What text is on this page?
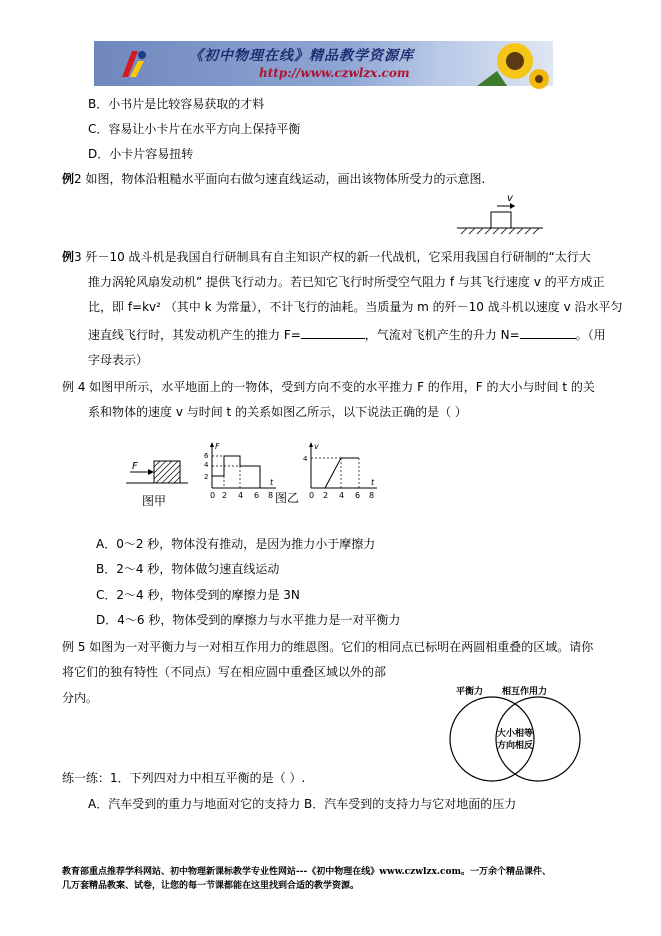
《初中物理在线》精品教学资源库
http://www.czwlzx.com
B．小书片是比较容易获取的才料
C．容易让小卡片在水平方向上保持平衡
D．小卡片容易扭转
例2 如图，物体沿粗糙水平面向右做匀速直线运动，画出该物体所受力的示意图.
v
例3 歼－10 战斗机是我国自行研制具有自主知识产权的新一代战机，它采用我国自行研制的“太行大
推力涡轮风扇发动机” 提供飞行动力。若已知它飞行时所受空气阻力 f 与其飞行速度 v 的平方成正
比，即 f=kv² （其中 k 为常量），不计飞行的油耗。当质量为 m 的歼－10 战斗机以速度 v 沿水平匀
速直线飞行时，其发动机产生的推力 F=	，气流对飞机产生的升力 N=	。（用
字母表示）
例 4 如图甲所示，水平地面上的一物体，受到方向不变的水平推力 F 的作用，F 的大小与时间 t 的关
系和物体的速度 v 与时间 t 的关系如图乙所示，以下说法正确的是（ ）
F
图甲
F
6
4
2
t
0 2 4 6 8
v
4
图乙
t
0 2 4 6 8
A．0～2 秒，物体没有推动，是因为推力小于摩擦力
B．2～4 秒，物体做匀速直线运动
C．2～4 秒，物体受到的摩擦力是 3N
D．4～6 秒，物体受到的摩擦力与水平推力是一对平衡力
例 5 如图为一对平衡力与一对相互作用力的维恩图。它们的相同点已标明在两圆相重叠的区域。请你
将它们的独有特性（不同点）写在相应圆中重叠区域以外的部
分内。	平衡力 相互作用力
大小相等
方向相反
练一练：1．下列四对力中相互平衡的是（ ）.
A．汽车受到的重力与地面对它的支持力 B．汽车受到的支持力与它对地面的压力
教育部重点推荐学科网站、初中物理新课标教学专业性网站---《初中物理在线》www.czwlzx.com。一万余个精品课件、
几万套精品教案、试卷，让您的每一节课都能在这里找到合适的教学资源。
